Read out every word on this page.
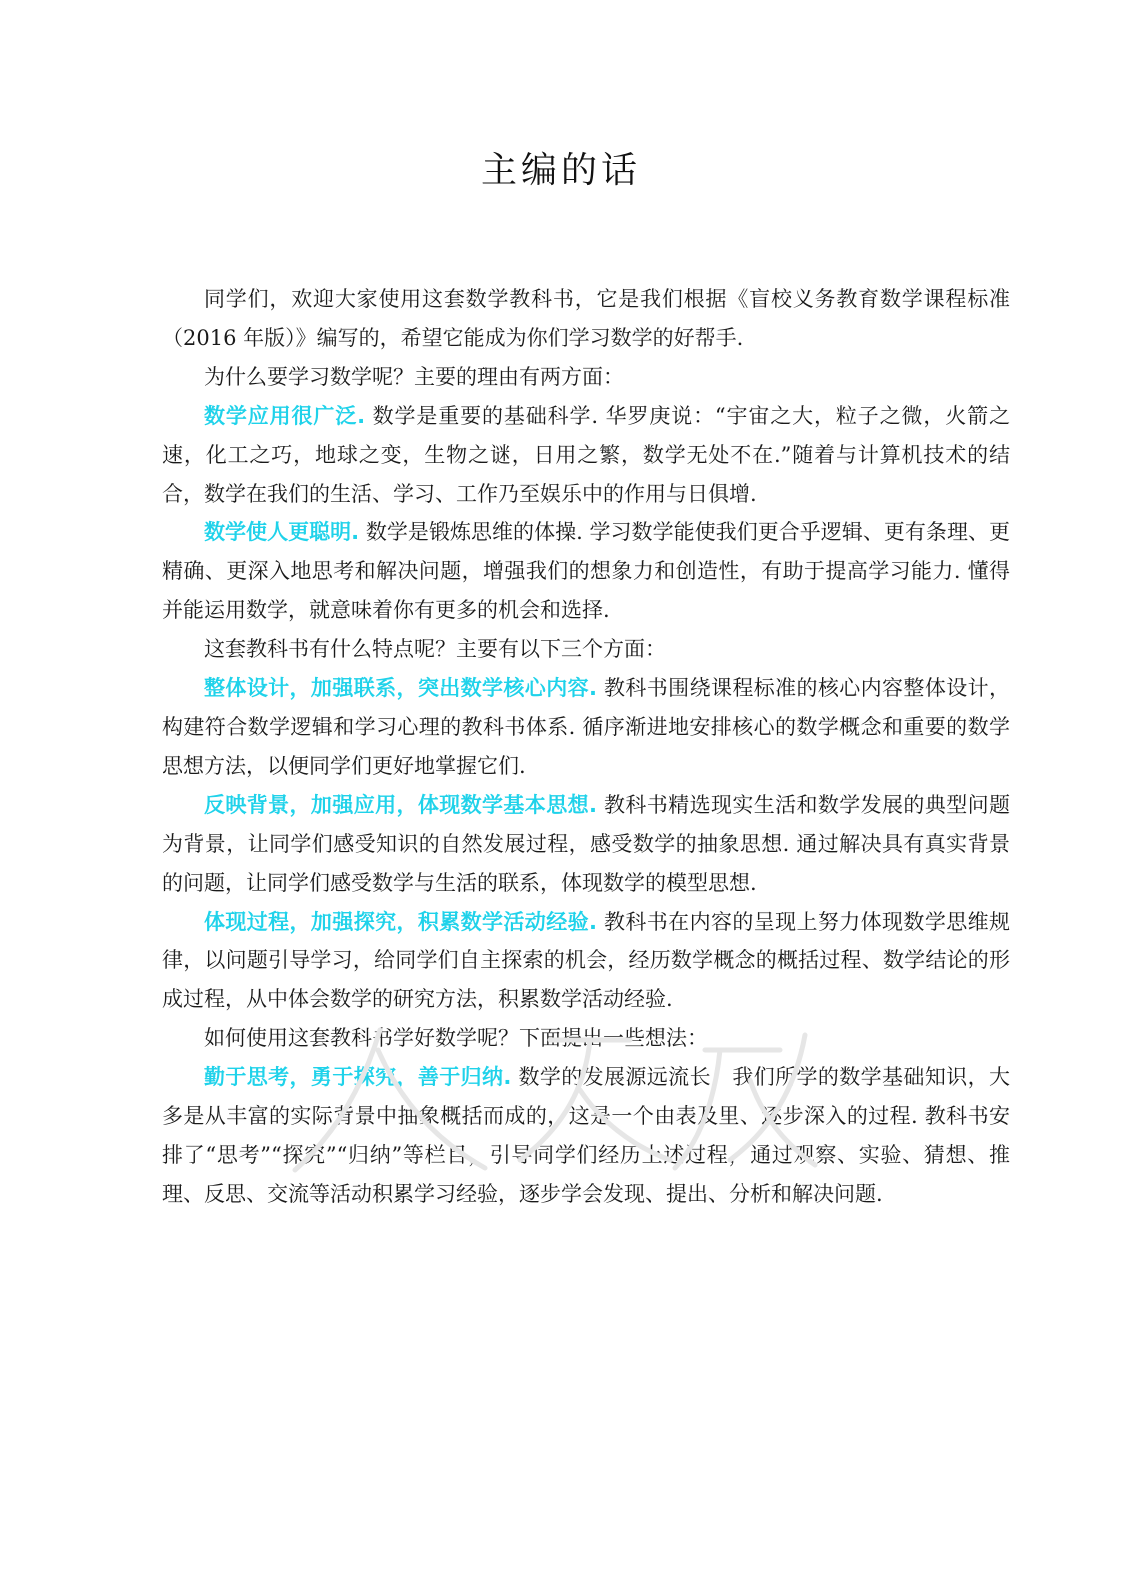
主编的话

同学们，欢迎大家使用这套数学教科书，它是我们根据《盲校义务教育数学课程标准（2016 年版）》编写的，希望它能成为你们学习数学的好帮手.

为什么要学习数学呢？主要的理由有两方面：

数学应用很广泛. 数学是重要的基础科学. 华罗庚说：“宇宙之大，粒子之微，火箭之速，化工之巧，地球之变，生物之谜，日用之繁，数学无处不在.”随着与计算机技术的结合，数学在我们的生活、学习、工作乃至娱乐中的作用与日俱增.

数学使人更聪明. 数学是锻炼思维的体操. 学习数学能使我们更合乎逻辑、更有条理、更精确、更深入地思考和解决问题，增强我们的想象力和创造性，有助于提高学习能力. 懂得并能运用数学，就意味着你有更多的机会和选择.

这套教科书有什么特点呢？主要有以下三个方面：

整体设计，加强联系，突出数学核心内容. 教科书围绕课程标准的核心内容整体设计，构建符合数学逻辑和学习心理的教科书体系. 循序渐进地安排核心的数学概念和重要的数学思想方法，以便同学们更好地掌握它们.

反映背景，加强应用，体现数学基本思想. 教科书精选现实生活和数学发展的典型问题为背景，让同学们感受知识的自然发展过程，感受数学的抽象思想. 通过解决具有真实背景的问题，让同学们感受数学与生活的联系，体现数学的模型思想.

体现过程，加强探究，积累数学活动经验. 教科书在内容的呈现上努力体现数学思维规律，以问题引导学习，给同学们自主探索的机会，经历数学概念的概括过程、数学结论的形成过程，从中体会数学的研究方法，积累数学活动经验.

如何使用这套教科书学好数学呢？下面提出一些想法：

勤于思考，勇于探究，善于归纳. 数学的发展源远流长，我们所学的数学基础知识，大多是从丰富的实际背景中抽象概括而成的，这是一个由表及里、逐步深入的过程. 教科书安排了“思考”“探究”“归纳”等栏目，引导同学们经历上述过程，通过观察、实验、猜想、推理、反思、交流等活动积累学习经验，逐步学会发现、提出、分析和解决问题.
